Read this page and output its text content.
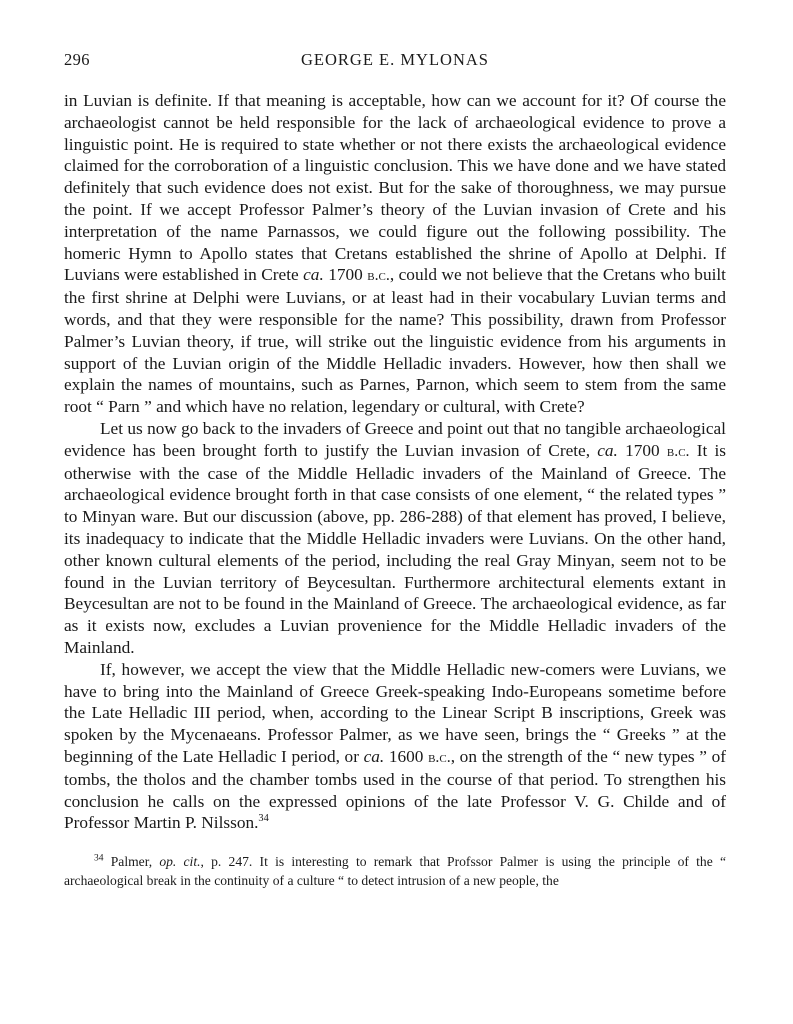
296	GEORGE E. MYLONAS

in Luvian is definite. If that meaning is acceptable, how can we account for it? Of course the archaeologist cannot be held responsible for the lack of archaeological evidence to prove a linguistic point. He is required to state whether or not there exists the archaeological evidence claimed for the corroboration of a linguistic conclusion. This we have done and we have stated definitely that such evidence does not exist. But for the sake of thoroughness, we may pursue the point. If we accept Professor Palmer’s theory of the Luvian invasion of Crete and his interpretation of the name Parnassos, we could figure out the following possibility. The homeric Hymn to Apollo states that Cretans established the shrine of Apollo at Delphi. If Luvians were established in Crete ca. 1700 b.c., could we not believe that the Cretans who built the first shrine at Delphi were Luvians, or at least had in their vocabulary Luvian terms and words, and that they were responsible for the name? This possibility, drawn from Professor Palmer’s Luvian theory, if true, will strike out the linguistic evidence from his arguments in support of the Luvian origin of the Middle Helladic invaders. However, how then shall we explain the names of mountains, such as Parnes, Parnon, which seem to stem from the same root “ Parn ” and which have no relation, legendary or cultural, with Crete?

Let us now go back to the invaders of Greece and point out that no tangible archaeological evidence has been brought forth to justify the Luvian invasion of Crete, ca. 1700 b.c. It is otherwise with the case of the Middle Helladic invaders of the Mainland of Greece. The archaeological evidence brought forth in that case consists of one element, “ the related types ” to Minyan ware. But our discussion (above, pp. 286-288) of that element has proved, I believe, its inadequacy to indicate that the Middle Helladic invaders were Luvians. On the other hand, other known cultural elements of the period, including the real Gray Minyan, seem not to be found in the Luvian territory of Beycesultan. Furthermore architectural elements extant in Beycesultan are not to be found in the Mainland of Greece. The archaeological evidence, as far as it exists now, excludes a Luvian provenience for the Middle Helladic invaders of the Mainland.

If, however, we accept the view that the Middle Helladic new-comers were Luvians, we have to bring into the Mainland of Greece Greek-speaking Indo-Europeans sometime before the Late Helladic III period, when, according to the Linear Script B inscriptions, Greek was spoken by the Mycenaeans. Professor Palmer, as we have seen, brings the “ Greeks ” at the beginning of the Late Helladic I period, or ca. 1600 b.c., on the strength of the “ new types ” of tombs, the tholos and the chamber tombs used in the course of that period. To strengthen his conclusion he calls on the expressed opinions of the late Professor V. G. Childe and of Professor Martin P. Nilsson.$^{34}$

$^{34}$ Palmer, op. cit., p. 247. It is interesting to remark that Profssor Palmer is using the principle of the “ archaeological break in the continuity of a culture “ to detect intrusion of a new people, the
